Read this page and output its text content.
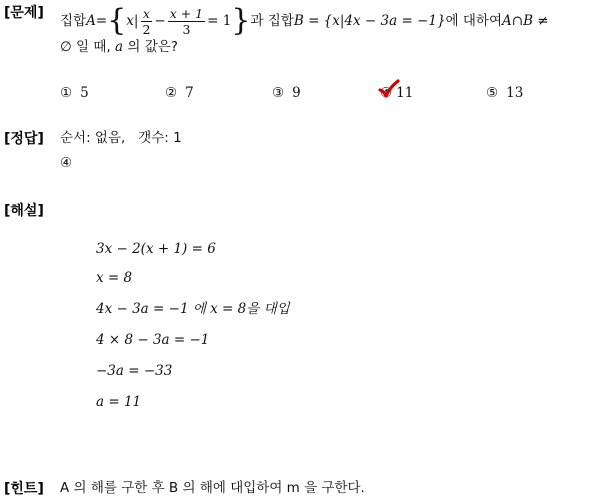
[문제] 집합 A = { x | $\frac{x}{2} - \frac{x + 1}{3} = 1$ } 과 집합 B = {x|4x − 3a = −1} 에 대하여 A∩B ≠
∅ 일 때, a 의 값은?
① 5	② 7	③ 9	④ 11	⑤ 13
[정답] 순서: 없음,   갯수: 1
④
[해설]
3x − 2(x + 1) = 6
x = 8
4x − 3a = −1 에 x = 8을 대입
4 × 8 − 3a = −1
−3a = −33
a = 11
[힌트] A 의 해를 구한 후 B 의 해에 대입하여 m 을 구한다.
